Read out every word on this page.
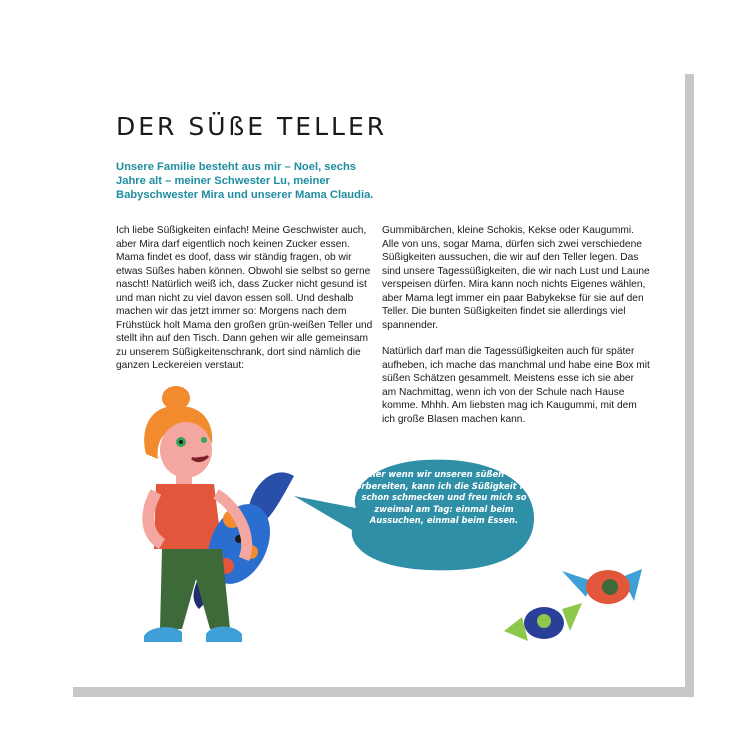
DER SÜßE TELLER

Unsere Familie besteht aus mir – Noel, sechs Jahre alt – meiner Schwester Lu, meiner Babyschwester Mira und unserer Mama Claudia.

Ich liebe Süßigkeiten einfach! Meine Geschwister auch, aber Mira darf eigentlich noch keinen Zucker essen. Mama findet es doof, dass wir ständig fragen, ob wir etwas Süßes haben können. Obwohl sie selbst so gerne nascht! Natürlich weiß ich, dass Zucker nicht gesund ist und man nicht zu viel davon essen soll. Und deshalb machen wir das jetzt immer so: Morgens nach dem Frühstück holt Mama den großen grün-weißen Teller und stellt ihn auf den Tisch. Dann gehen wir alle gemeinsam zu unserem Süßigkeitenschrank, dort sind nämlich die ganzen Leckereien verstaut:

Gummibärchen, kleine Schokis, Kekse oder Kaugummi. Alle von uns, sogar Mama, dürfen sich zwei verschiedene Süßigkeiten aussuchen, die wir auf den Teller legen. Das sind unsere Tagessüßigkeiten, die wir nach Lust und Laune verspeisen dürfen. Mira kann noch nichts Eigenes wählen, aber Mama legt immer ein paar Babykekse für sie auf den Teller. Die bunten Süßigkeiten findet sie allerdings viel spannender.

Natürlich darf man die Tagessüßigkeiten auch für später aufheben, ich mache das manchmal und habe eine Box mit süßen Schätzen gesammelt. Meistens esse ich sie aber am Nachmittag, wenn ich von der Schule nach Hause komme. Mhhh. Am liebsten mag ich Kaugummi, mit dem ich große Blasen machen kann.

Immer wenn wir unseren süßen Teller vorbereiten, kann ich die Süßigkeit fast schon schmecken und freu mich so zweimal am Tag: einmal beim Aussuchen, einmal beim Essen.
